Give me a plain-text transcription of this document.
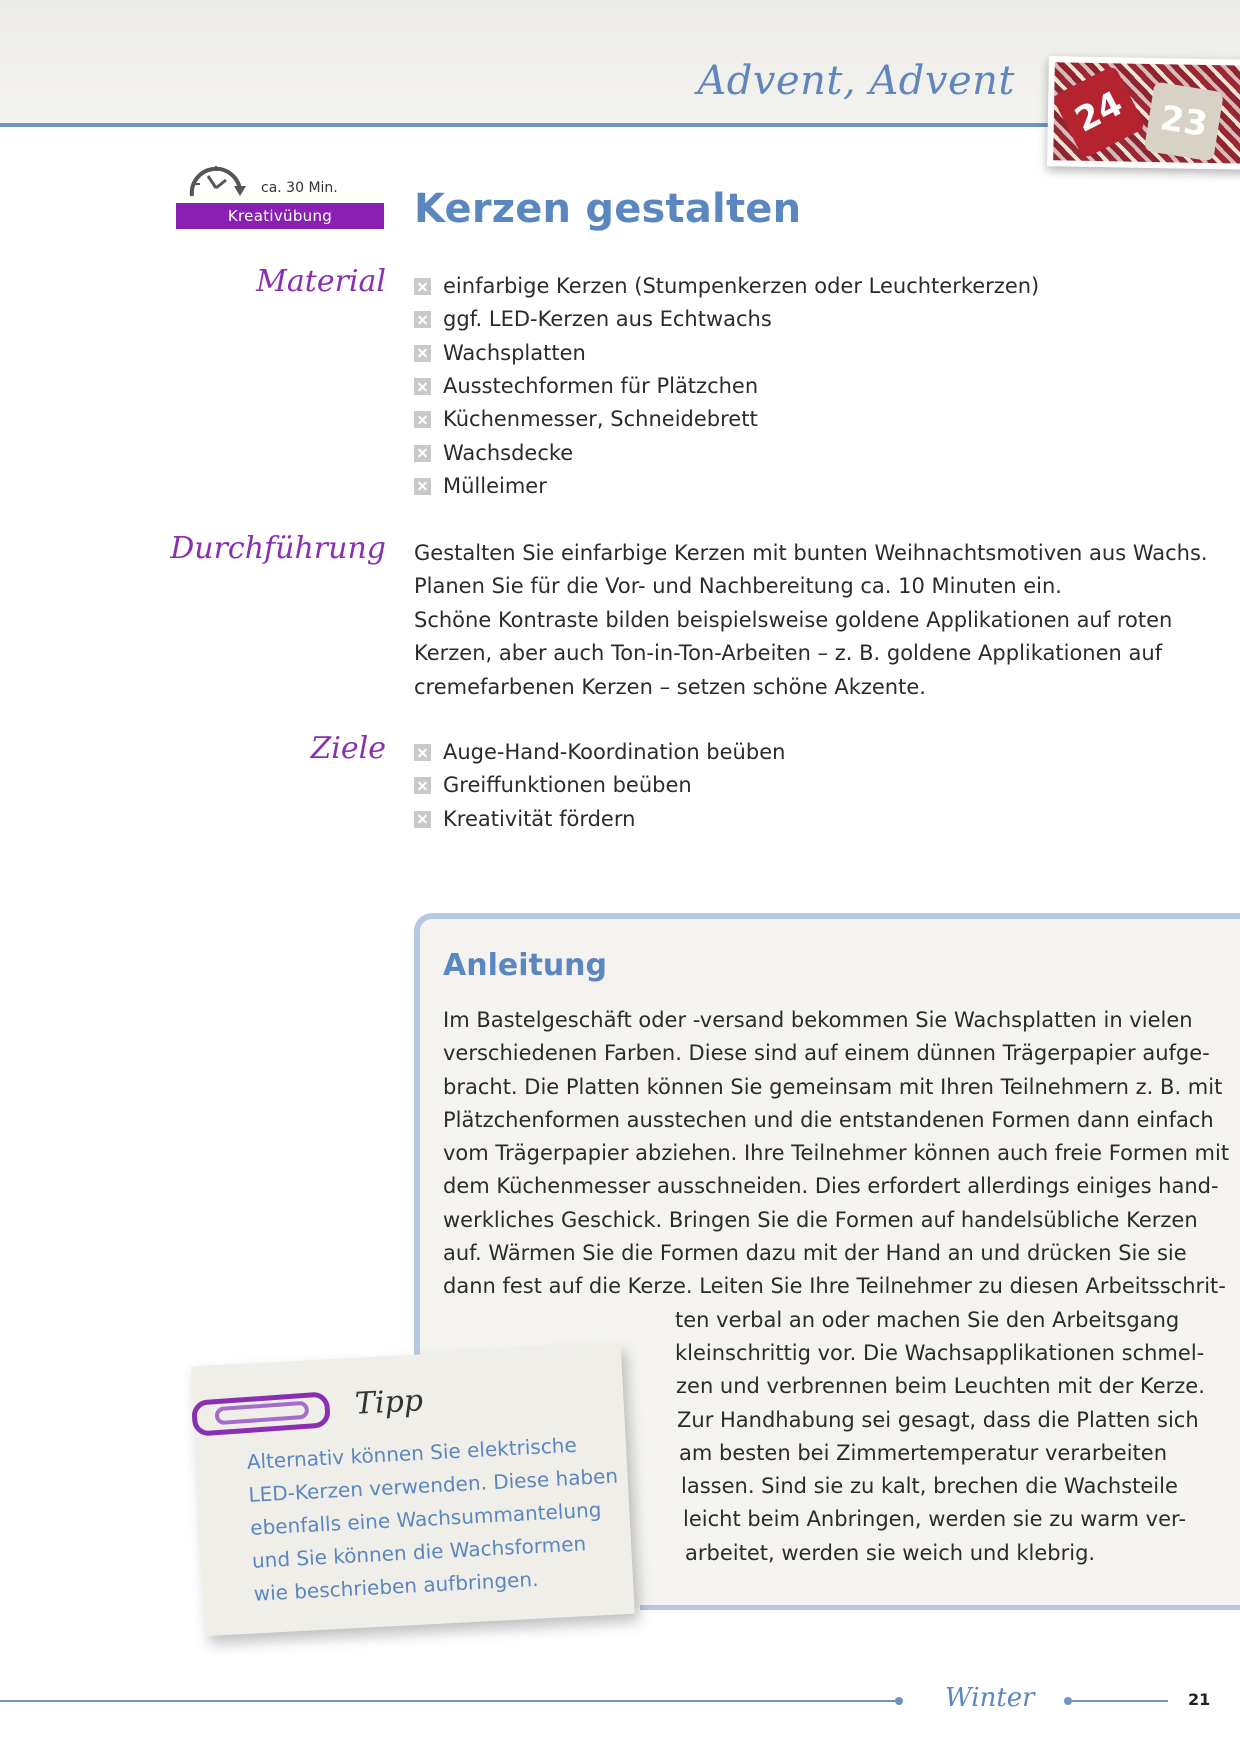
Advent, Advent
24 23
ca. 30 Min.
Kreativübung	Kerzen gestalten
Material	einfarbige Kerzen (Stumpenkerzen oder Leuchterkerzen)
ggf. LED-Kerzen aus Echtwachs
Wachsplatten
Ausstechformen für Plätzchen
Küchenmesser, Schneidebrett
Wachsdecke
Mülleimer
Durchführung Gestalten Sie einfarbige Kerzen mit bunten Weihnachtsmotiven aus Wachs.
Planen Sie für die Vor- und Nachbereitung ca. 10 Minuten ein.
Schöne Kontraste bilden beispielsweise goldene Applikationen auf roten
Kerzen, aber auch Ton-in-Ton-Arbeiten – z. B. goldene Applikationen auf
cremefarbenen Kerzen – setzen schöne Akzente.

Ziele	Auge-Hand-Koordination beüben
Greiffunktionen beüben
Kreativität fördern
Anleitung

Im Bastelgeschäft oder -versand bekommen Sie Wachsplatten in vielen
verschiedenen Farben. Diese sind auf einem dünnen Trägerpapier aufge-
bracht. Die Platten können Sie gemeinsam mit Ihren Teilnehmern z. B. mit
Plätzchenformen ausstechen und die entstandenen Formen dann einfach
vom Trägerpapier abziehen. Ihre Teilnehmer können auch freie Formen mit
dem Küchenmesser ausschneiden. Dies erfordert allerdings einiges hand-
werkliches Geschick. Bringen Sie die Formen auf handelsübliche Kerzen
auf. Wärmen Sie die Formen dazu mit der Hand an und drücken Sie sie
dann fest auf die Kerze. Leiten Sie Ihre Teilnehmer zu diesen Arbeitsschrit-
ten verbal an oder machen Sie den Arbeitsgang
kleinschrittig vor. Die Wachsapplikationen schmel-
zen und verbrennen beim Leuchten mit der Kerze.
Zur Handhabung sei gesagt, dass die Platten sich
am besten bei Zimmertemperatur verarbeiten
lassen. Sind sie zu kalt, brechen die Wachsteile
leicht beim Anbringen, werden sie zu warm ver-
arbeitet, werden sie weich und klebrig.

Tipp

Alternativ können Sie elektrische
LED-Kerzen verwenden. Diese haben
ebenfalls eine Wachsummantelung
und Sie können die Wachsformen
wie beschrieben aufbringen.

Winter	21
